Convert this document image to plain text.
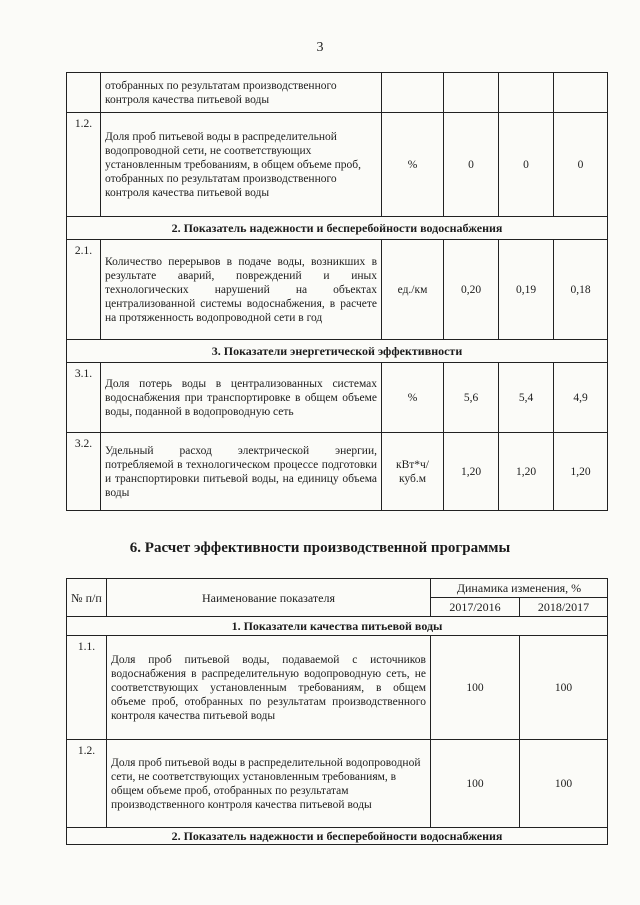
3
	отобранных по результатам производственного контроля качества питьевой воды				
1.2.	Доля проб питьевой воды в распределительной водопроводной сети, не соответствующих установленным требованиям, в общем объеме проб, отобранных по результатам производственного контроля качества питьевой воды	%	0	0	0
2. Показатель надежности и бесперебойности водоснабжения					
2.1.	Количество перерывов в подаче воды, возникших в результате аварий, повреждений и иных технологических нарушений на объектах централизованной системы водоснабжения, в расчете на протяженность водопроводной сети в год	ед./км	0,20	0,19	0,18
3. Показатели энергетической эффективности					
3.1.	Доля потерь воды в централизованных системах водоснабжения при транспортировке в общем объеме воды, поданной в водопроводную сеть	%	5,6	5,4	4,9
3.2.	Удельный расход электрической энергии, потребляемой в технологическом процессе подготовки и транспортировки питьевой воды, на единицу объема воды	кВт*ч/ куб.м	1,20	1,20	1,20
6. Расчет эффективности производственной программы
№ п/п	Наименование показателя	Динамика изменения, %	
		2017/2016	2018/2017
1. Показатели качества питьевой воды			
1.1.	Доля проб питьевой воды, подаваемой с источников водоснабжения в распределительную водопроводную сеть, не соответствующих установленным требованиям, в общем объеме проб, отобранных по результатам производственного контроля качества питьевой воды	100	100
1.2.	Доля проб питьевой воды в распределительной водопроводной сети, не соответствующих установленным требованиям, в общем объеме проб, отобранных по результатам производственного контроля качества питьевой воды	100	100
2. Показатель надежности и бесперебойности водоснабжения			
